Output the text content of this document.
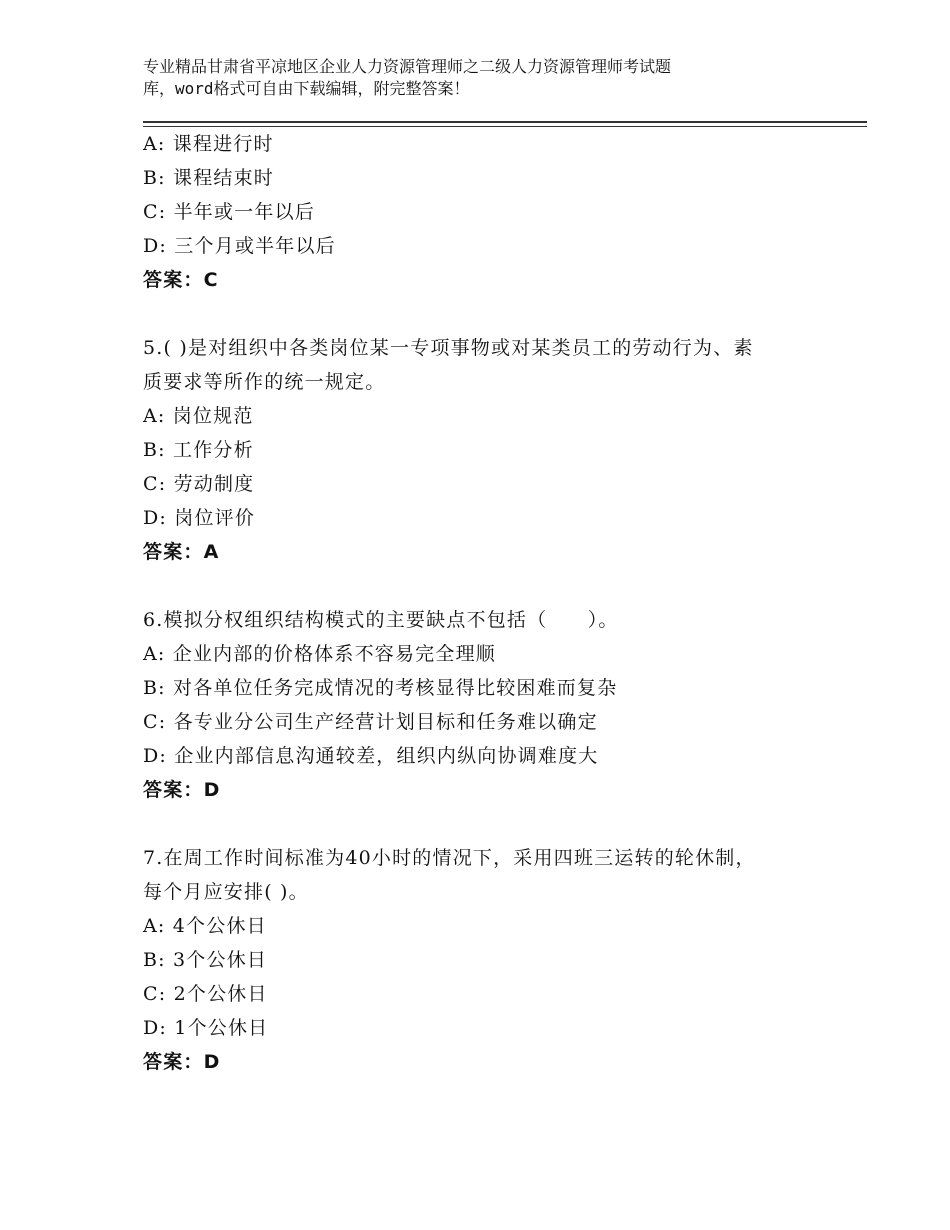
专业精品甘肃省平凉地区企业人力资源管理师之二级人力资源管理师考试题
库，word格式可自由下载编辑，附完整答案！
A: 课程进行时
B: 课程结束时
C: 半年或一年以后
D: 三个月或半年以后
答案：C
5.( )是对组织中各类岗位某一专项事物或对某类员工的劳动行为、素
质要求等所作的统一规定。
A: 岗位规范
B: 工作分析
C: 劳动制度
D: 岗位评价
答案：A
6.模拟分权组织结构模式的主要缺点不包括（　　）。
A: 企业内部的价格体系不容易完全理顺
B: 对各单位任务完成情况的考核显得比较困难而复杂
C: 各专业分公司生产经营计划目标和任务难以确定
D: 企业内部信息沟通较差，组织内纵向协调难度大
答案：D
7.在周工作时间标准为40小时的情况下，采用四班三运转的轮休制，
每个月应安排( )。
A: 4个公休日
B: 3个公休日
C: 2个公休日
D: 1个公休日
答案：D
